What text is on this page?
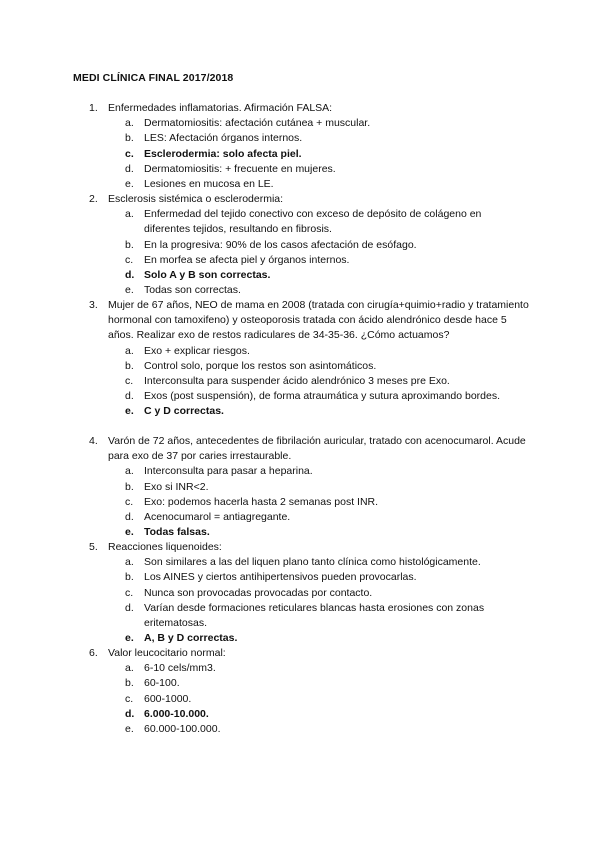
MEDI CLÍNICA FINAL 2017/2018
1. Enfermedades inflamatorias. Afirmación FALSA:
a. Dermatomiositis: afectación cutánea + muscular.
b. LES: Afectación órganos internos.
c. Esclerodermia: solo afecta piel.
d. Dermatomiositis: + frecuente en mujeres.
e. Lesiones en mucosa en LE.
2. Esclerosis sistémica o esclerodermia:
a. Enfermedad del tejido conectivo con exceso de depósito de colágeno en diferentes tejidos, resultando en fibrosis.
b. En la progresiva: 90% de los casos afectación de esófago.
c. En morfea se afecta piel y órganos internos.
d. Solo A y B son correctas.
e. Todas son correctas.
3. Mujer de 67 años, NEO de mama en 2008 (tratada con cirugía+quimio+radio y tratamiento hormonal con tamoxifeno) y osteoporosis tratada con ácido alendrónico desde hace 5 años. Realizar exo de restos radiculares de 34-35-36. ¿Cómo actuamos?
a. Exo + explicar riesgos.
b. Control solo, porque los restos son asintomáticos.
c. Interconsulta para suspender ácido alendrónico 3 meses pre Exo.
d. Exos (post suspensión), de forma atraumática y sutura aproximando bordes.
e. C y D correctas.
4. Varón de 72 años, antecedentes de fibrilación auricular, tratado con acenocumarol. Acude para exo de 37 por caries irrestaurable.
a. Interconsulta para pasar a heparina.
b. Exo si INR<2.
c. Exo: podemos hacerla hasta 2 semanas post INR.
d. Acenocumarol = antiagregante.
e. Todas falsas.
5. Reacciones liquenoides:
a. Son similares a las del liquen plano tanto clínica como histológicamente.
b. Los AINES y ciertos antihipertensivos pueden provocarlas.
c. Nunca son provocadas provocadas por contacto.
d. Varían desde formaciones reticulares blancas hasta erosiones con zonas eritematosas.
e. A, B y D correctas.
6. Valor leucocitario normal:
a. 6-10 cels/mm3.
b. 60-100.
c. 600-1000.
d. 6.000-10.000.
e. 60.000-100.000.
